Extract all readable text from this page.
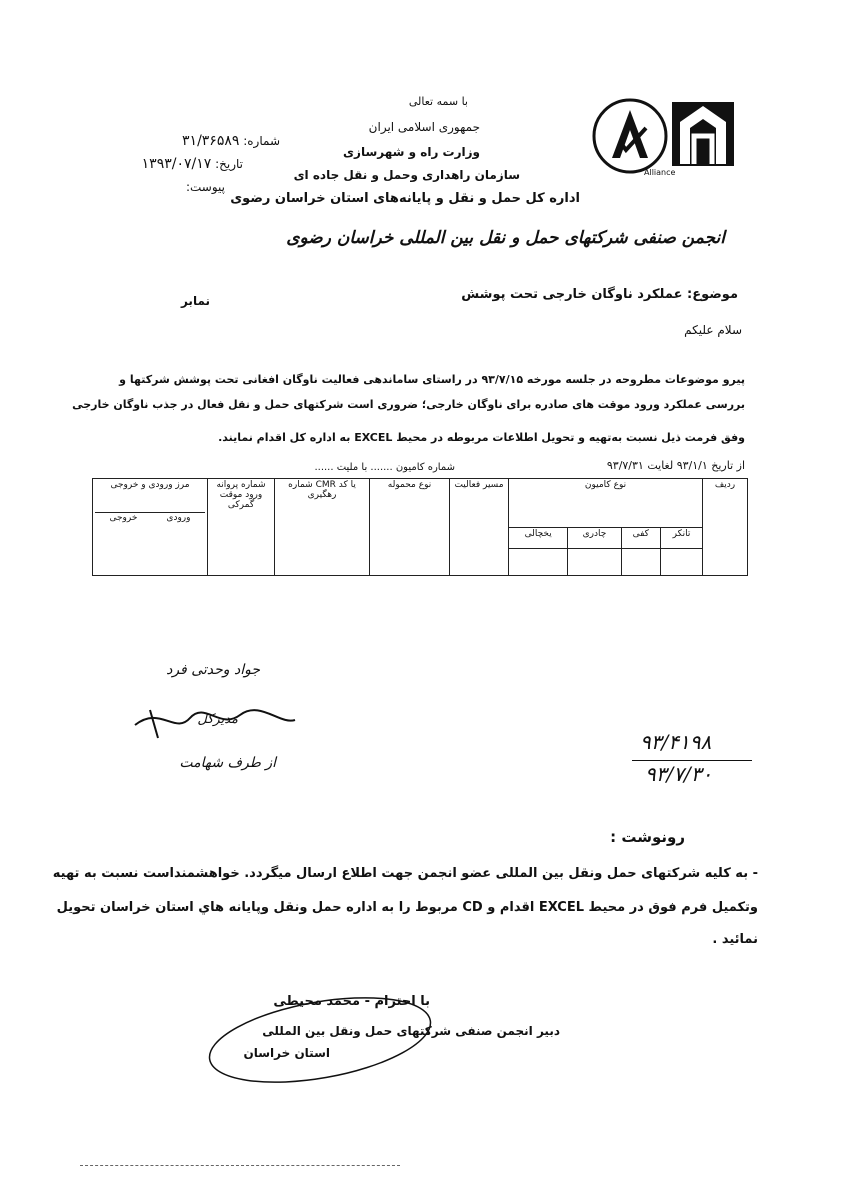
Alliance
با سمه تعالی
جمهوری اسلامی ایران
وزارت راه و شهرسازی
سازمان راهداری وحمل و نقل جاده ای
اداره کل حمل و نقل و پایانه‌های استان خراسان رضوی
شماره: ۳۱/۳۶۵۸۹
تاریخ: ۱۳۹۳/۰۷/۱۷
پیوست:
انجمن صنفی شرکتهای حمل و نقل بین المللی خراسان رضوی
موضوع: عملکرد ناوگان خارجی تحت پوشش
نمابر
سلام علیکم
پیرو موضوعات مطروحه در جلسه مورخه ۹۳/۷/۱۵ در راستای ساماندهی فعالیت ناوگان افغانی تحت پوشش شرکتها و
بررسی عملکرد ورود موقت های صادره برای ناوگان خارجی؛ ضروری است شرکتهای حمل و نقل فعال در جذب ناوگان خارجی
وفق فرمت ذیل نسبت به‌تهیه و تحویل اطلاعات مربوطه در محیط EXCEL به اداره کل اقدام نمایند.
از تاریخ ۹۳/۱/۱ لغایت ۹۳/۷/۳۱
شماره کامیون ....... با ملیت ......
مرز ورودی و خروجی
خروجی ورودی	شماره پروانه ورود موقت گمرکی	شماره CMR یا کد رهگیری	نوع محموله	مسیر فعالیت	نوع کامیون				ردیف
					یخچالی	چادری	کفی	تانکر	

جواد وحدتی فرد
مدیرکل
از طرف شهامت
۹۳/۴۱۹۸
۹۳/۷/۳۰
رونوشت :
- به کلیه شرکتهای حمل ونقل بین المللی عضو انجمن جهت اطلاع ارسال میگردد. خواهشمنداست نسبت به تهیه
وتکمیل فرم فوق در محیط EXCEL اقدام و CD مربوط را به اداره حمل ونقل وپایانه هاي استان خراسان تحویل
نمائید .
با احترام - محمد محیطی
دبیر انجمن صنفی شرکتهای حمل ونقل بین المللی
استان خراسان
